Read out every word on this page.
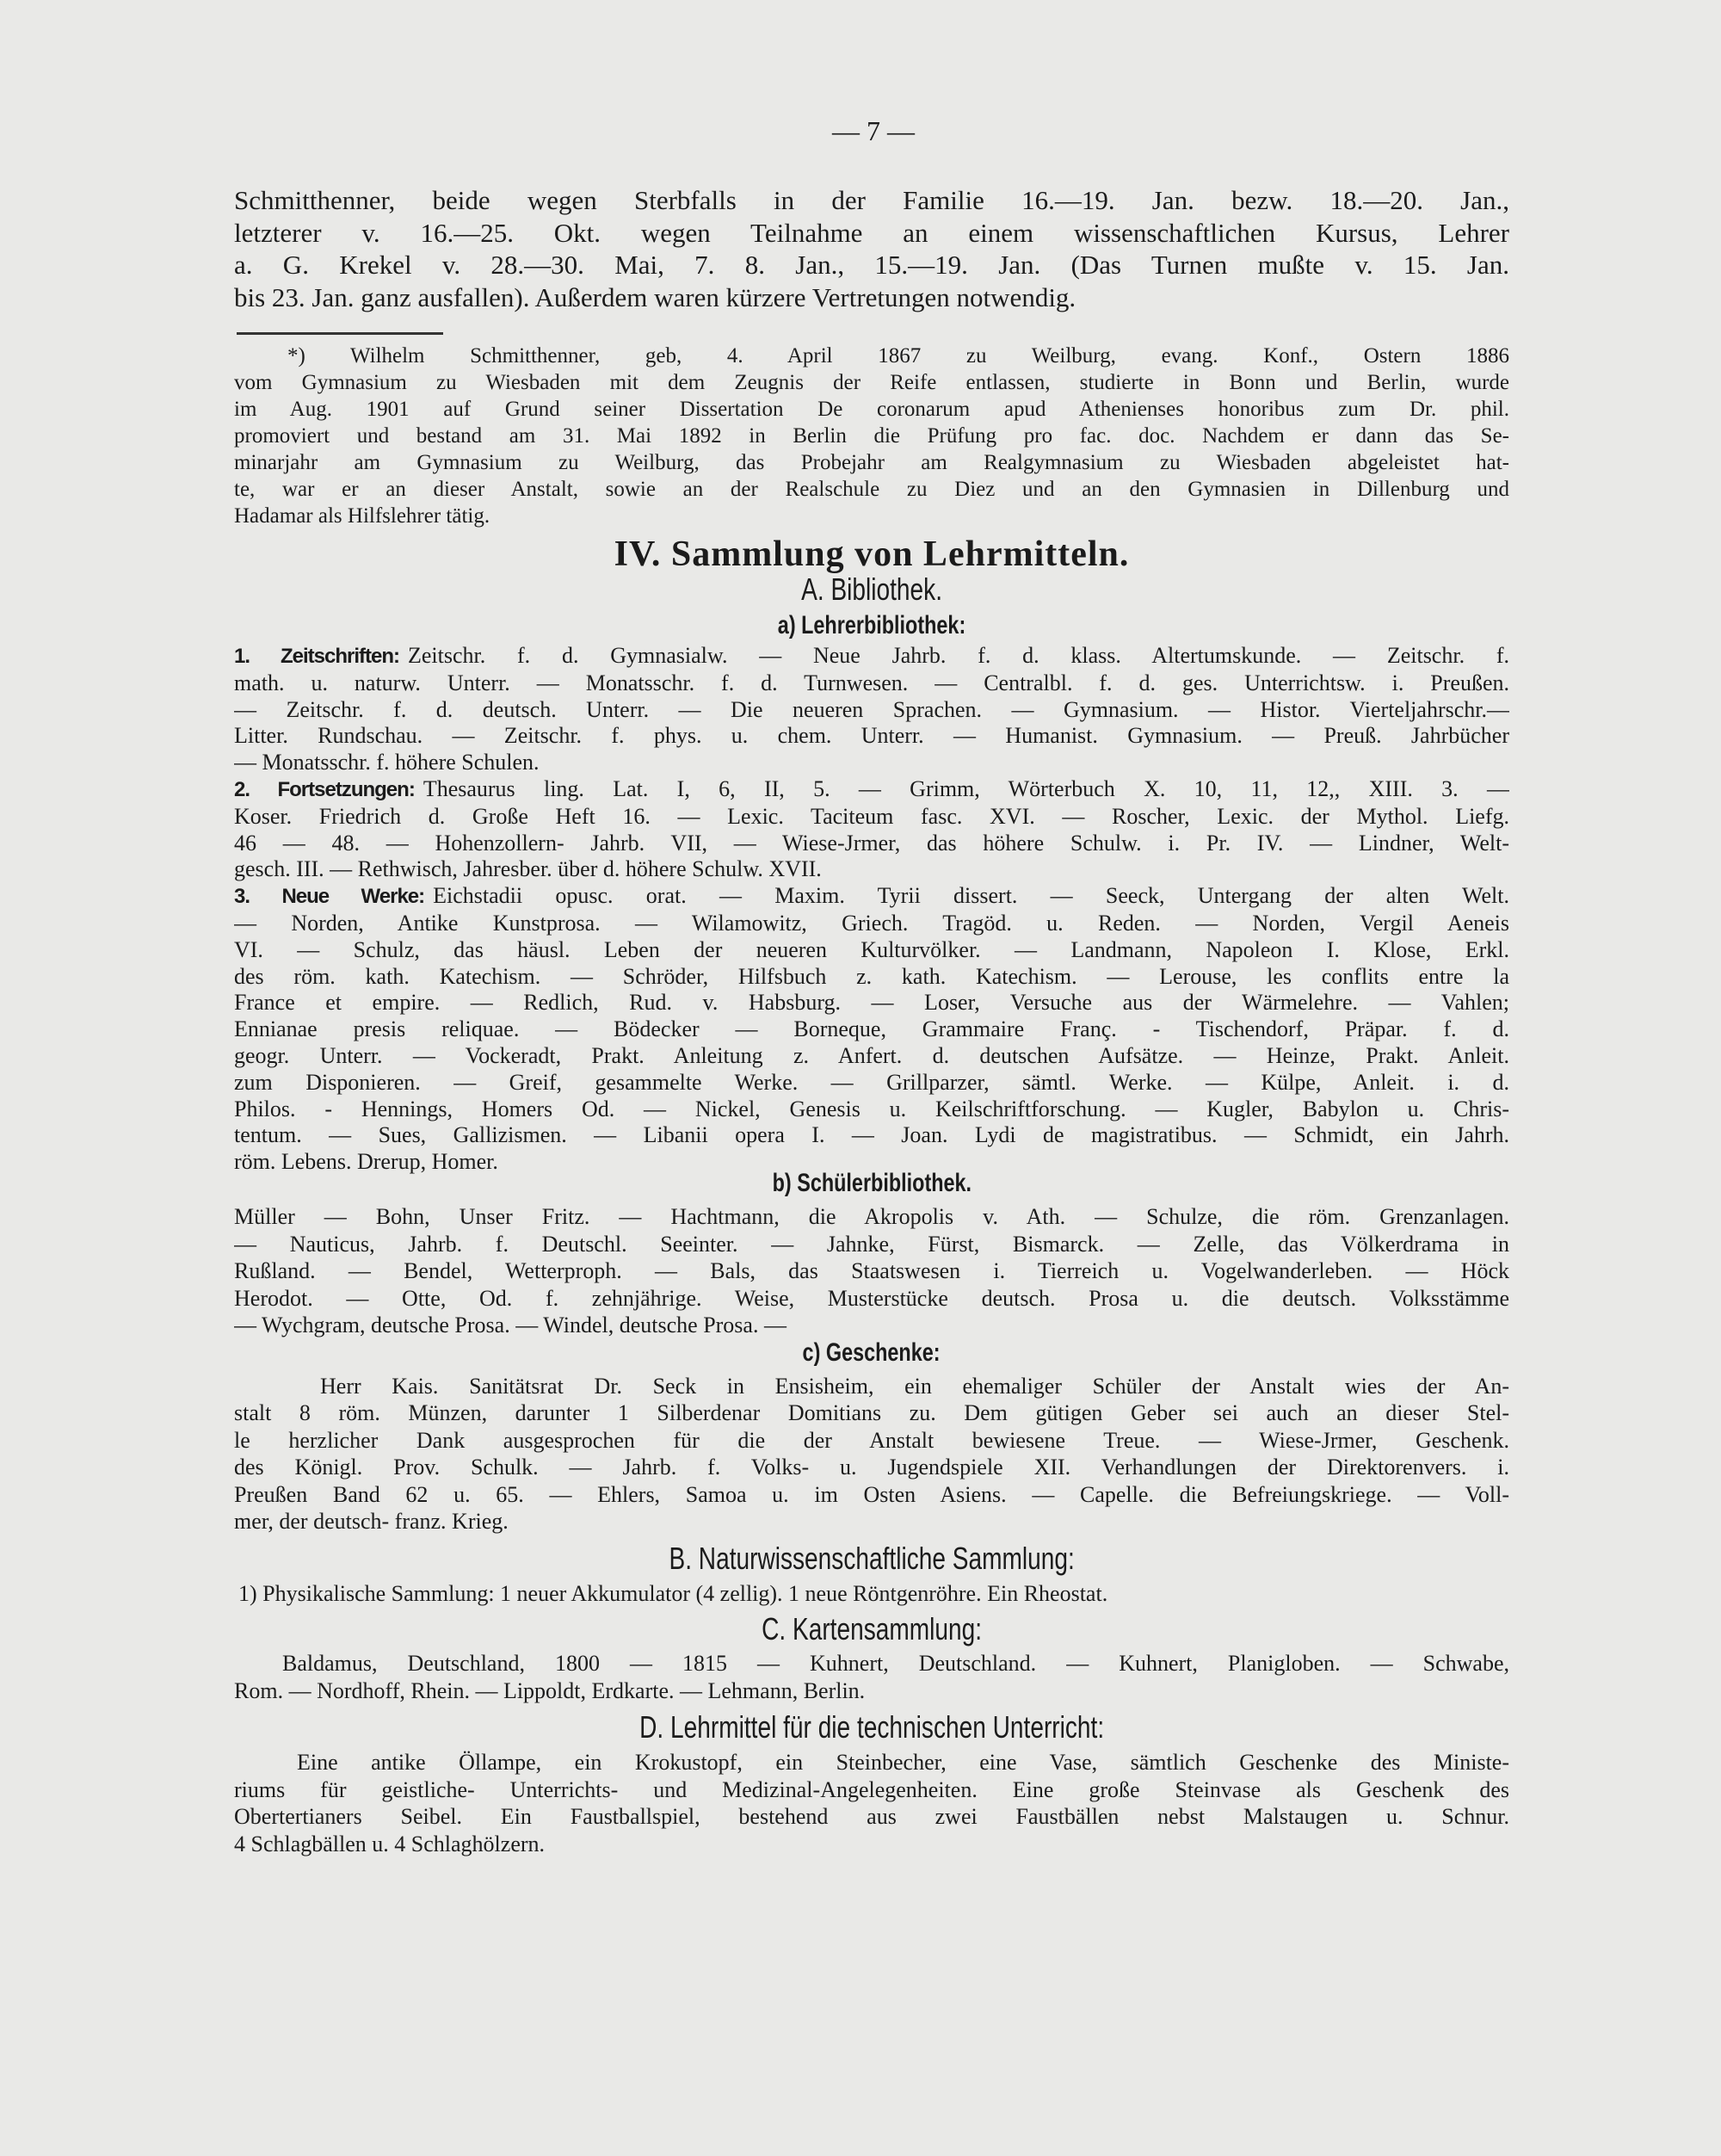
— 7 —
Schmitthenner, beide wegen Sterbfalls in der Familie 16.—19. Jan. bezw. 18.—20. Jan.,
letzterer v. 16.—25. Okt. wegen Teilnahme an einem wissenschaftlichen Kursus, Lehrer
a. G. Krekel v. 28.—30. Mai, 7. 8. Jan., 15.—19. Jan. (Das Turnen mußte v. 15. Jan.
bis 23. Jan. ganz ausfallen). Außerdem waren kürzere Vertretungen notwendig.
*) Wilhelm Schmitthenner, geb, 4. April 1867 zu Weilburg, evang. Konf., Ostern 1886
vom Gymnasium zu Wiesbaden mit dem Zeugnis der Reife entlassen, studierte in Bonn und Berlin, wurde
im Aug. 1901 auf Grund seiner Dissertation De coronarum apud Athenienses honoribus zum Dr. phil.
promoviert und bestand am 31. Mai 1892 in Berlin die Prüfung pro fac. doc. Nachdem er dann das Se-
minarjahr am Gymnasium zu Weilburg, das Probejahr am Realgymnasium zu Wiesbaden abgeleistet hat-
te, war er an dieser Anstalt, sowie an der Realschule zu Diez und an den Gymnasien in Dillenburg und
Hadamar als Hilfslehrer tätig.
IV. Sammlung von Lehrmitteln.
A. Bibliothek.
a) Lehrerbibliothek:
1. Zeitschriften: Zeitschr. f. d. Gymnasialw. — Neue Jahrb. f. d. klass. Altertumskunde. — Zeitschr. f.
math. u. naturw. Unterr. — Monatsschr. f. d. Turnwesen. — Centralbl. f. d. ges. Unterrichtsw. i. Preußen.
— Zeitschr. f. d. deutsch. Unterr. — Die neueren Sprachen. — Gymnasium. — Histor. Vierteljahrschr.—
Litter. Rundschau. — Zeitschr. f. phys. u. chem. Unterr. — Humanist. Gymnasium. — Preuß. Jahrbücher
— Monatsschr. f. höhere Schulen.
2. Fortsetzungen: Thesaurus ling. Lat. I, 6, II, 5. — Grimm, Wörterbuch X. 10, 11, 12,, XIII. 3. —
Koser. Friedrich d. Große Heft 16. — Lexic. Taciteum fasc. XVI. — Roscher, Lexic. der Mythol. Liefg.
46 — 48. — Hohenzollern- Jahrb. VII, — Wiese-Jrmer, das höhere Schulw. i. Pr. IV. — Lindner, Welt-
gesch. III. — Rethwisch, Jahresber. über d. höhere Schulw. XVII.
3. Neue Werke: Eichstadii opusc. orat. — Maxim. Tyrii dissert. — Seeck, Untergang der alten Welt.
— Norden, Antike Kunstprosa. — Wilamowitz, Griech. Tragöd. u. Reden. — Norden, Vergil Aeneis
VI. — Schulz, das häusl. Leben der neueren Kulturvölker. — Landmann, Napoleon I. Klose, Erkl.
des röm. kath. Katechism. — Schröder, Hilfsbuch z. kath. Katechism. — Lerouse, les conflits entre la
France et empire. — Redlich, Rud. v. Habsburg. — Loser, Versuche aus der Wärmelehre. — Vahlen;
Ennianae presis reliquae. — Bödecker — Borneque, Grammaire Franç. - Tischendorf, Präpar. f. d.
geogr. Unterr. — Vockeradt, Prakt. Anleitung z. Anfert. d. deutschen Aufsätze. — Heinze, Prakt. Anleit.
zum Disponieren. — Greif, gesammelte Werke. — Grillparzer, sämtl. Werke. — Külpe, Anleit. i. d.
Philos. - Hennings, Homers Od. — Nickel, Genesis u. Keilschriftforschung. — Kugler, Babylon u. Chris-
tentum. — Sues, Gallizismen. — Libanii opera I. — Joan. Lydi de magistratibus. — Schmidt, ein Jahrh.
röm. Lebens. Drerup, Homer.
b) Schülerbibliothek.
Müller — Bohn, Unser Fritz. — Hachtmann, die Akropolis v. Ath. — Schulze, die röm. Grenzanlagen.
— Nauticus, Jahrb. f. Deutschl. Seeinter. — Jahnke, Fürst, Bismarck. — Zelle, das Völkerdrama in
Rußland. — Bendel, Wetterproph. — Bals, das Staatswesen i. Tierreich u. Vogelwanderleben. — Höck
Herodot. — Otte, Od. f. zehnjährige. Weise, Musterstücke deutsch. Prosa u. die deutsch. Volksstämme
— Wychgram, deutsche Prosa. — Windel, deutsche Prosa. —
c) Geschenke:
Herr Kais. Sanitätsrat Dr. Seck in Ensisheim, ein ehemaliger Schüler der Anstalt wies der An-
stalt 8 röm. Münzen, darunter 1 Silberdenar Domitians zu. Dem gütigen Geber sei auch an dieser Stel-
le herzlicher Dank ausgesprochen für die der Anstalt bewiesene Treue. — Wiese-Jrmer, Geschenk.
des Königl. Prov. Schulk. — Jahrb. f. Volks- u. Jugendspiele XII. Verhandlungen der Direktorenvers. i.
Preußen Band 62 u. 65. — Ehlers, Samoa u. im Osten Asiens. — Capelle. die Befreiungskriege. — Voll-
mer, der deutsch- franz. Krieg.
B. Naturwissenschaftliche Sammlung:
1) Physikalische Sammlung: 1 neuer Akkumulator (4 zellig). 1 neue Röntgenröhre. Ein Rheostat.
C. Kartensammlung:
Baldamus, Deutschland, 1800 — 1815 — Kuhnert, Deutschland. — Kuhnert, Planigloben. — Schwabe,
Rom. — Nordhoff, Rhein. — Lippoldt, Erdkarte. — Lehmann, Berlin.
D. Lehrmittel für die technischen Unterricht:
Eine antike Öllampe, ein Krokustopf, ein Steinbecher, eine Vase, sämtlich Geschenke des Ministe-
riums für geistliche- Unterrichts- und Medizinal-Angelegenheiten. Eine große Steinvase als Geschenk des
Obertertianers Seibel. Ein Faustballspiel, bestehend aus zwei Faustbällen nebst Malstaugen u. Schnur.
4 Schlagbällen u. 4 Schlaghölzern.
